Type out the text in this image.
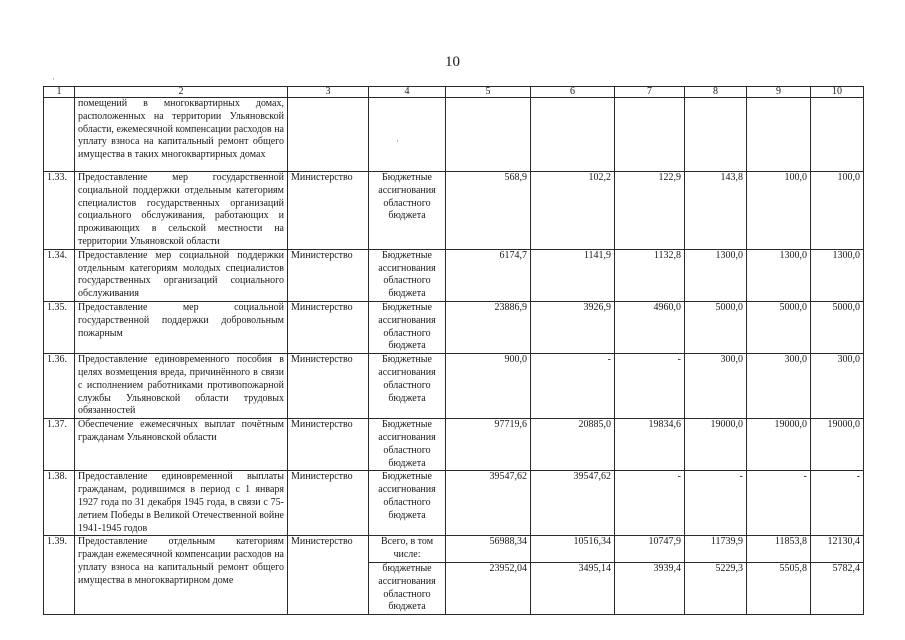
10
·
·
1	2	3	4	5	6	7	8	9	10
	помещений в многоквартирных домах, расположенных на территории Ульяновской области, ежемесячной компенсации расходов на уплату взноса на капитальный ремонт общего имущества в таких многоквартирных домах								
1.33.	Предоставление мер государственной социальной поддержки отдельным категориям специалистов государственных организаций социального обслуживания, работающих и проживающих в сельской местности на территории Ульяновской области	Министерство	Бюджетные ассигнования областного бюджета	568,9	102,2	122,9	143,8	100,0	100,0
1.34.	Предоставление мер социальной поддержки отдельным категориям молодых специалистов государственных организаций социального обслуживания	Министерство	Бюджетные ассигнования областного бюджета	6174,7	1141,9	1132,8	1300,0	1300,0	1300,0
1.35.	Предоставление мер социальной государственной поддержки добровольным пожарным	Министерство	Бюджетные ассигнования областного бюджета	23886,9	3926,9	4960,0	5000,0	5000,0	5000,0
1.36.	Предоставление единовременного пособия в целях возмещения вреда, причинённого в связи с исполнением работниками противопожарной службы Ульяновской области трудовых обязанностей	Министерство	Бюджетные ассигнования областного бюджета	900,0	-	-	300,0	300,0	300,0
1.37.	Обеспечение ежемесячных выплат почётным гражданам Ульяновской области	Министерство	Бюджетные ассигнования областного бюджета	97719,6	20885,0	19834,6	19000,0	19000,0	19000,0
1.38.	Предоставление единовременной выплаты гражданам, родившимся в период с 1 января 1927 года по 31 декабря 1945 года, в связи с 75-летием Победы в Великой Отечественной войне 1941-1945 годов	Министерство	Бюджетные ассигнования областного бюджета	39547,62	39547,62	-	-	-	-
1.39.	Предоставление отдельным категориям граждан ежемесячной компенсации расходов на уплату взноса на капитальный ремонт общего имущества в многоквартирном доме	Министерство	Всего, в том числе:	56988,34	10516,34	10747,9	11739,9	11853,8	12130,4
			бюджетные ассигнования областного бюджета	23952,04	3495,14	3939,4	5229,3	5505,8	5782,4
